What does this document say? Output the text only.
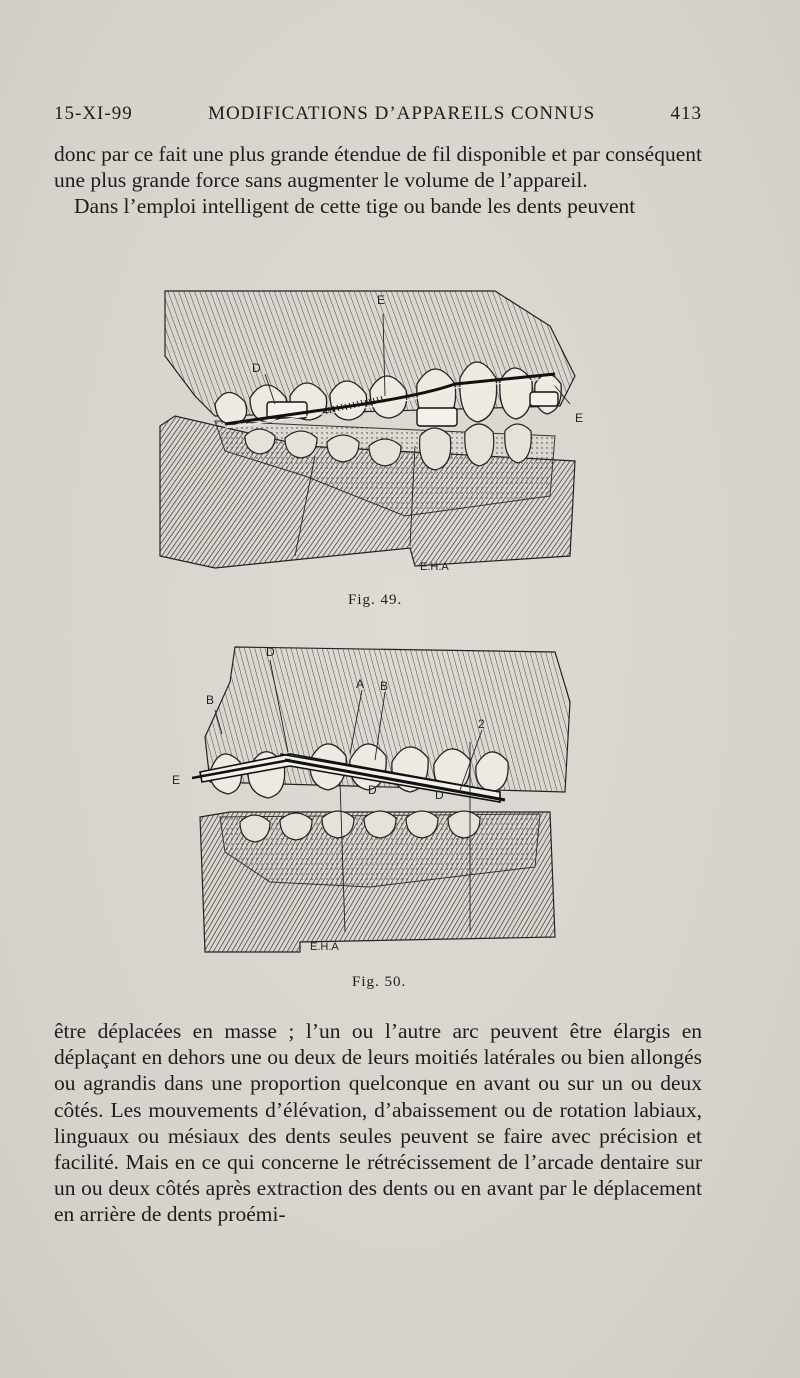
15-XI-99	MODIFICATIONS D’APPAREILS CONNUS	413

donc par ce fait une plus grande étendue de fil disponible et par conséquent une plus grande force sans augmenter le volume de l’appareil.

Dans l’emploi intelligent de cette tige ou bande les dents peuvent

E
D
E
E.H.A
Fig. 49.
D
A B
B
2
E
D	D
E.H.A
Fig. 50.

être déplacées en masse ; l’un ou l’autre arc peuvent être élargis en déplaçant en dehors une ou deux de leurs moitiés latérales ou bien allongés ou agrandis dans une proportion quelconque en avant ou sur un ou deux côtés. Les mouvements d’élévation, d’abaissement ou de rotation labiaux, linguaux ou mésiaux des dents seules peuvent se faire avec précision et facilité. Mais en ce qui concerne le rétrécissement de l’arcade dentaire sur un ou deux côtés après extraction des dents ou en avant par le déplacement en arrière de dents proémi-
